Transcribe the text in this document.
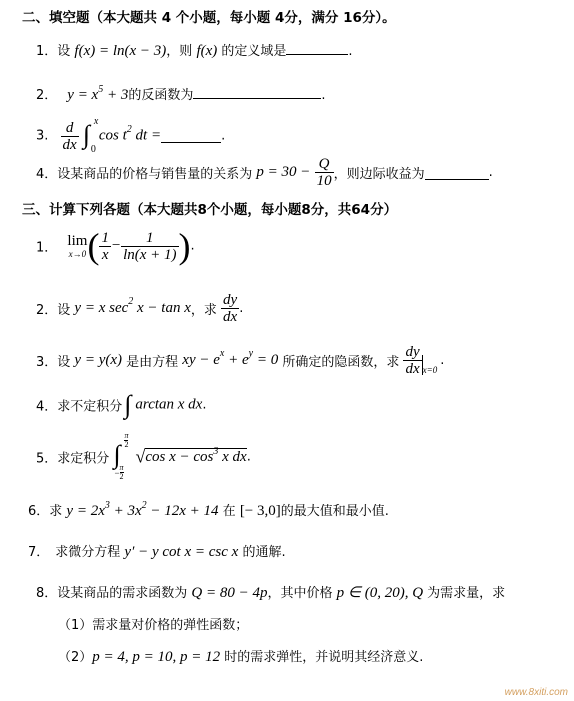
二、填空题（本大题共 4 个小题，每小题 4分，满分 16分）。
1．设 f(x) = ln(x − 3)，则 f(x) 的定义域是	.
2． $y = x^5 + 3$的反函数为	.
3. $\frac{d}{dx}$
∫ x
0
$\cos t^2$ dt =	.
4．设某商品的价格与销售量的关系为 $p = 30 - \frac{Q}{10}$ ，则边际收益为	.
三、计算下列各题（本大题共8个小题，每小题8分，共64分）
1． lim
x→0 ( $\frac{1}{x} - \frac{1}{\ln(x + 1)}$ ).
2．设 y = x $\sec^2 x - \tan x$，求 $\frac{dy}{dx}$ .
3．设 y = y(x) 是由方程 xy − $e^x + e^y = 0$ 所确定的隐函数，求 $\frac{dy}{dx} _{x=0}$.
4．求不定积分∫ arctan x dx.
5．求定积分 ∫ $\frac{\pi}{2}$
− $\frac{\pi}{2}$
√cos $x - \cos^3 x$ dx.
6．求 $y = 2x^3 + 3x^2 - 12x + 14$ 在 [− 3,0]的最大值和最小值.
7． 求微分方程 y′ − y cot x = csc x 的通解.
8．设某商品的需求函数为 Q = 80 − 4p，其中价格 p ∈ (0, 20), Q 为需求量，求
（1）需求量对价格的弹性函数；
（2）p = 4, p = 10, p = 12 时的需求弹性，并说明其经济意义.
www.8xiti.com
